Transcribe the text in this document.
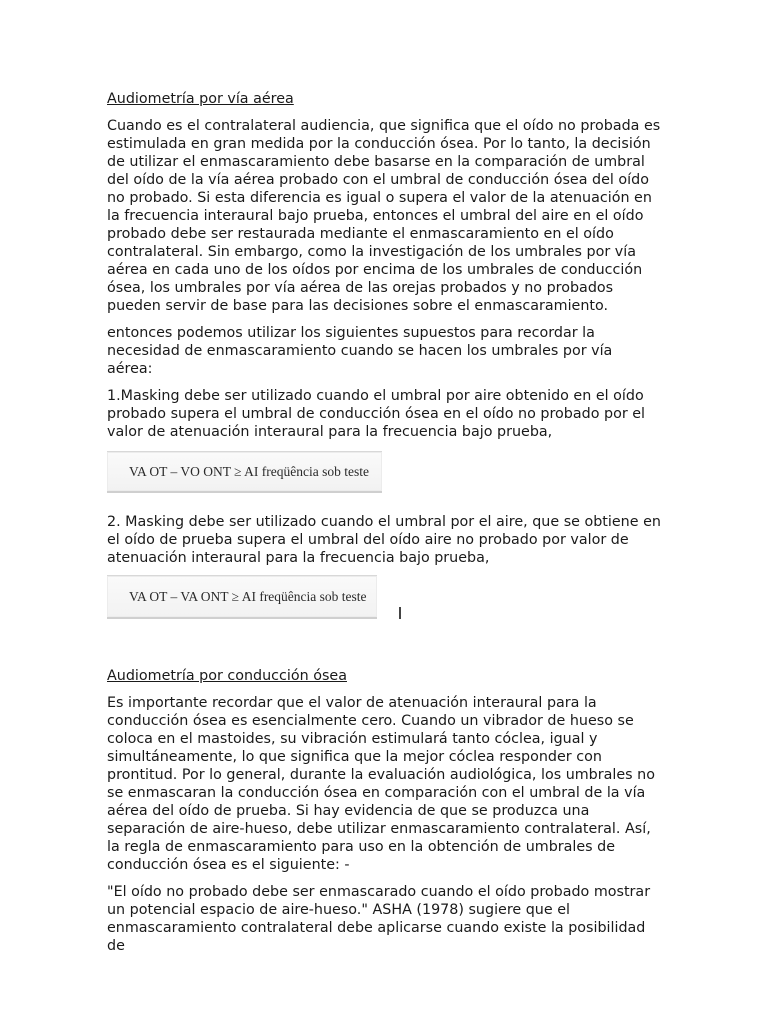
Audiometría por vía aérea

Cuando es el contralateral audiencia, que significa que el oído no probada es estimulada en gran medida por la conducción ósea. Por lo tanto, la decisión de utilizar el enmascaramiento debe basarse en la comparación de umbral del oído de la vía aérea probado con el umbral de conducción ósea del oído no probado. Si esta diferencia es igual o supera el valor de la atenuación en la frecuencia interaural bajo prueba, entonces el umbral del aire en el oído probado debe ser restaurada mediante el enmascaramiento en el oído contralateral. Sin embargo, como la investigación de los umbrales por vía aérea en cada uno de los oídos por encima de los umbrales de conducción ósea, los umbrales por vía aérea de las orejas probados y no probados pueden servir de base para las decisiones sobre el enmascaramiento.

entonces podemos utilizar los siguientes supuestos para recordar la necesidad de enmascaramiento cuando se hacen los umbrales por vía aérea:

1.Masking debe ser utilizado cuando el umbral por aire obtenido en el oído probado supera el umbral de conducción ósea en el oído no probado por el valor de atenuación interaural para la frecuencia bajo prueba,

VA OT – VO ONT ≥ AI freqüência sob teste

2. Masking debe ser utilizado cuando el umbral por el aire, que se obtiene en el oído de prueba supera el umbral del oído aire no probado por valor de atenuación interaural para la frecuencia bajo prueba,

VA OT – VA ONT ≥ AI freqüência sob teste
Audiometría por conducción ósea

Es importante recordar que el valor de atenuación interaural para la conducción ósea es esencialmente cero. Cuando un vibrador de hueso se coloca en el mastoides, su vibración estimulará tanto cóclea, igual y simultáneamente, lo que significa que la mejor cóclea responder con prontitud. Por lo general, durante la evaluación audiológica, los umbrales no se enmascaran la conducción ósea en comparación con el umbral de la vía aérea del oído de prueba. Si hay evidencia de que se produzca una separación de aire-hueso, debe utilizar enmascaramiento contralateral. Así, la regla de enmascaramiento para uso en la obtención de umbrales de conducción ósea es el siguiente: -

"El oído no probado debe ser enmascarado cuando el oído probado mostrar un potencial espacio de aire-hueso." ASHA (1978) sugiere que el enmascaramiento contralateral debe aplicarse cuando existe la posibilidad de
